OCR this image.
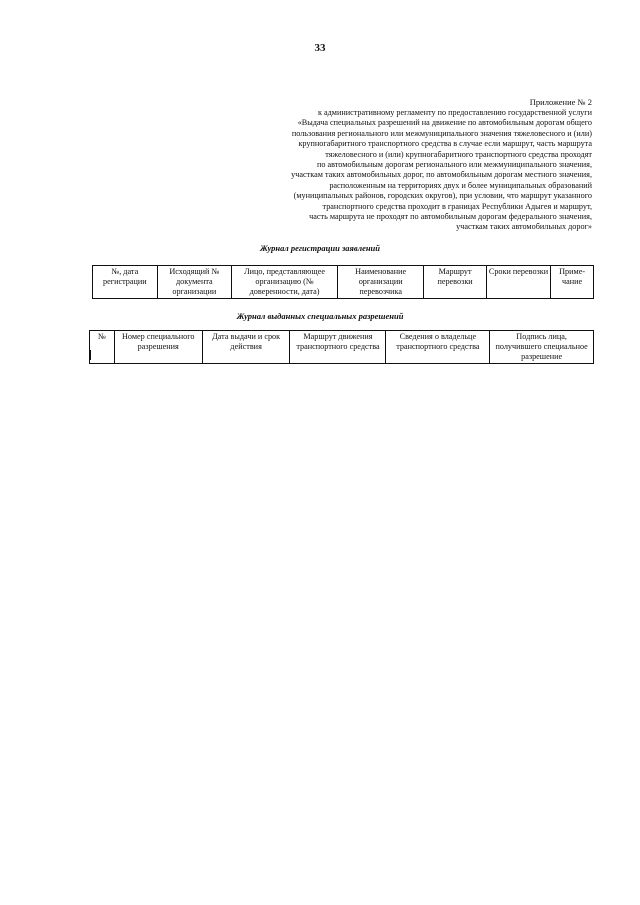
33
Приложение № 2
к административному регламенту по предоставлению государственной услуги
«Выдача специальных разрешений на движение по автомобильным дорогам общего
пользования регионального или межмуниципального значения тяжеловесного и (или)
крупногабаритного транспортного средства в случае если маршрут, часть маршрута
тяжеловесного и (или) крупногабаритного транспортного средства проходят
по автомобильным дорогам регионального или межмуниципального значения,
участкам таких автомобильных дорог, по автомобильным дорогам местного значения,
расположенным на территориях двух и более муниципальных образований
(муниципальных районов, городских округов), при условии, что маршрут указанного
транспортного средства проходит в границах Республики Адыгея и маршрут,
часть маршрута не проходят по автомобильным дорогам федерального значения,
участкам таких автомобильных дорог»
Журнал регистрации заявлений
№, дата регистрации	Исходящий № документа организации	Лицо, представляющее организацию (№ доверенности, дата)	Наименование организации перевозчика	Маршрут перевозки	Сроки перевозки	Приме-чание
Журнал выданных специальных разрешений
№	Номер специального разрешения	Дата выдачи и срок действия	Маршрут движения транспортного средства	Сведения о владельце транспортного средства	Подпись лица, получившего специальное разрешение
